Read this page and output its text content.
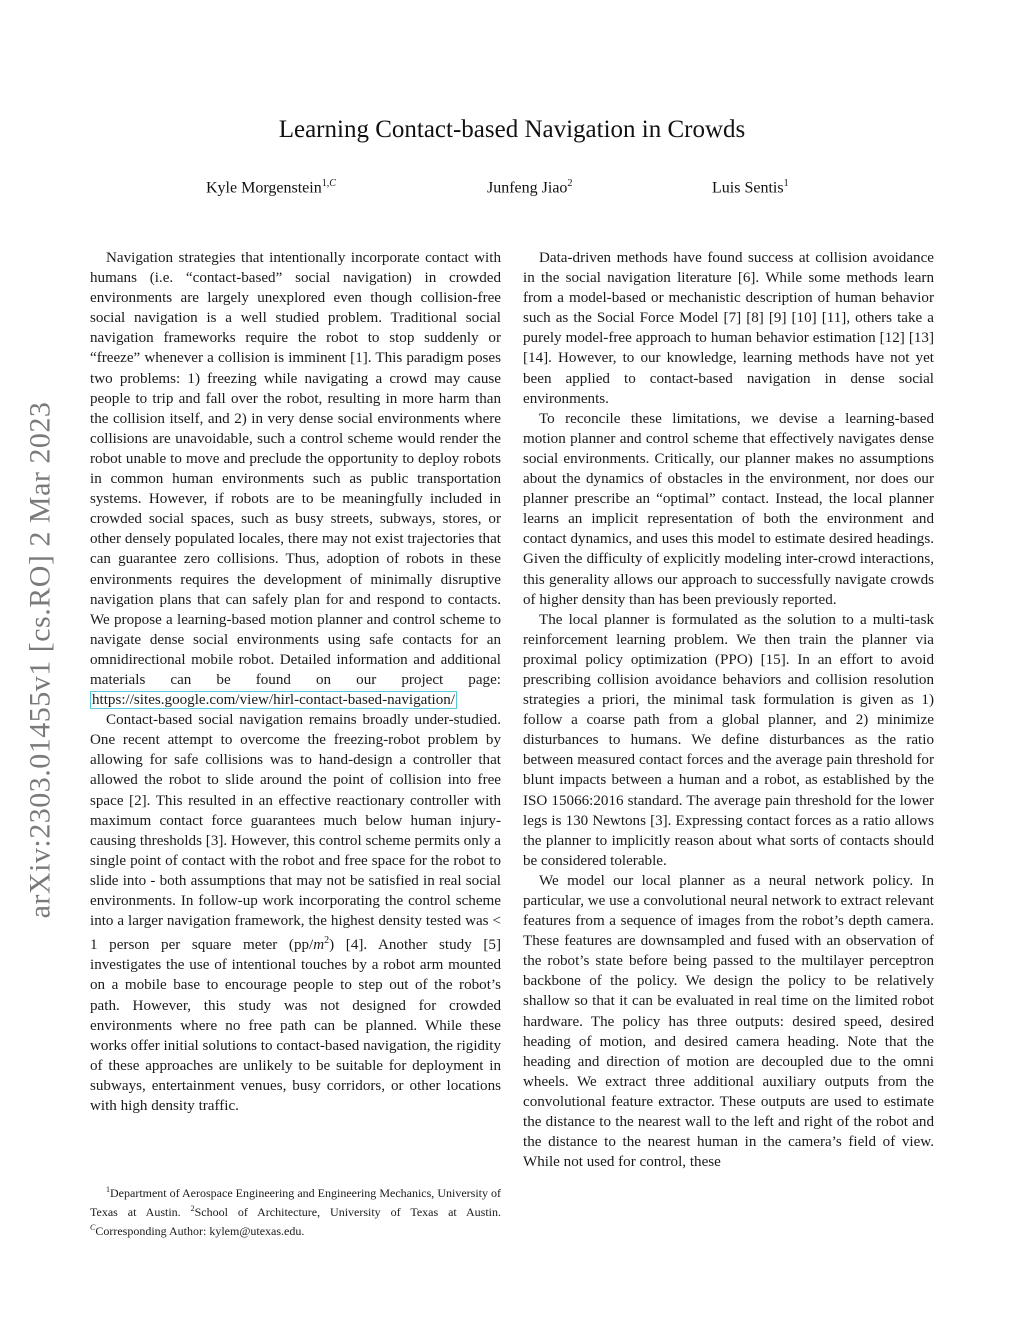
arXiv:2303.01455v1 [cs.RO] 2 Mar 2023
Learning Contact-based Navigation in Crowds
Kyle Morgenstein$^{1,C}$	Junfeng Jiao$^2$	Luis Sentis$^1$

Navigation strategies that intentionally incorporate contact with humans (i.e. “contact-based” social navigation) in crowded environments are largely unexplored even though collision-free social navigation is a well studied problem. Traditional social navigation frameworks require the robot to stop suddenly or “freeze” whenever a collision is imminent [1]. This paradigm poses two problems: 1) freezing while navigating a crowd may cause people to trip and fall over the robot, resulting in more harm than the collision itself, and 2) in very dense social environments where collisions are unavoidable, such a control scheme would render the robot unable to move and preclude the opportunity to deploy robots in common human environments such as public transportation systems. However, if robots are to be meaningfully included in crowded social spaces, such as busy streets, subways, stores, or other densely populated locales, there may not exist trajectories that can guarantee zero collisions. Thus, adoption of robots in these environments requires the development of minimally disruptive navigation plans that can safely plan for and respond to contacts. We propose a learning-based motion planner and control scheme to navigate dense social environments using safe contacts for an omnidirectional mobile robot. Detailed information and additional materials can be found on our project page: https://sites.google.com/view/hirl-contact-based-navigation/

Contact-based social navigation remains broadly under-studied. One recent attempt to overcome the freezing-robot problem by allowing for safe collisions was to hand-design a controller that allowed the robot to slide around the point of collision into free space [2]. This resulted in an effective reactionary controller with maximum contact force guarantees much below human injury-causing thresholds [3]. However, this control scheme permits only a single point of contact with the robot and free space for the robot to slide into - both assumptions that may not be satisfied in real social environments. In follow-up work incorporating the control scheme into a larger navigation framework, the highest density tested was < 1 person per square meter $(pp/m^2)$ [4]. Another study [5] investigates the use of intentional touches by a robot arm mounted on a mobile base to encourage people to step out of the robot’s path. However, this study was not designed for crowded environments where no free path can be planned. While these works offer initial solutions to contact-based navigation, the rigidity of these approaches are unlikely to be suitable for deployment in subways, entertainment venues, busy corridors, or other locations with high density traffic.

$^1$Department of Aerospace Engineering and Engineering Mechanics, University of Texas at Austin. $^2$School of Architecture, University of Texas at Austin. $^C$Corresponding Author: kylem@utexas.edu.

Data-driven methods have found success at collision avoidance in the social navigation literature [6]. While some methods learn from a model-based or mechanistic description of human behavior such as the Social Force Model [7] [8] [9] [10] [11], others take a purely model-free approach to human behavior estimation [12] [13] [14]. However, to our knowledge, learning methods have not yet been applied to contact-based navigation in dense social environments.

To reconcile these limitations, we devise a learning-based motion planner and control scheme that effectively navigates dense social environments. Critically, our planner makes no assumptions about the dynamics of obstacles in the environment, nor does our planner prescribe an “optimal” contact. Instead, the local planner learns an implicit representation of both the environment and contact dynamics, and uses this model to estimate desired headings. Given the difficulty of explicitly modeling inter-crowd interactions, this generality allows our approach to successfully navigate crowds of higher density than has been previously reported.

The local planner is formulated as the solution to a multi-task reinforcement learning problem. We then train the planner via proximal policy optimization (PPO) [15]. In an effort to avoid prescribing collision avoidance behaviors and collision resolution strategies a priori, the minimal task formulation is given as 1) follow a coarse path from a global planner, and 2) minimize disturbances to humans. We define disturbances as the ratio between measured contact forces and the average pain threshold for blunt impacts between a human and a robot, as established by the ISO 15066:2016 standard. The average pain threshold for the lower legs is 130 Newtons [3]. Expressing contact forces as a ratio allows the planner to implicitly reason about what sorts of contacts should be considered tolerable.

We model our local planner as a neural network policy. In particular, we use a convolutional neural network to extract relevant features from a sequence of images from the robot’s depth camera. These features are downsampled and fused with an observation of the robot’s state before being passed to the multilayer perceptron backbone of the policy. We design the policy to be relatively shallow so that it can be evaluated in real time on the limited robot hardware. The policy has three outputs: desired speed, desired heading of motion, and desired camera heading. Note that the heading and direction of motion are decoupled due to the omni wheels. We extract three additional auxiliary outputs from the convolutional feature extractor. These outputs are used to estimate the distance to the nearest wall to the left and right of the robot and the distance to the nearest human in the camera’s field of view. While not used for control, these
